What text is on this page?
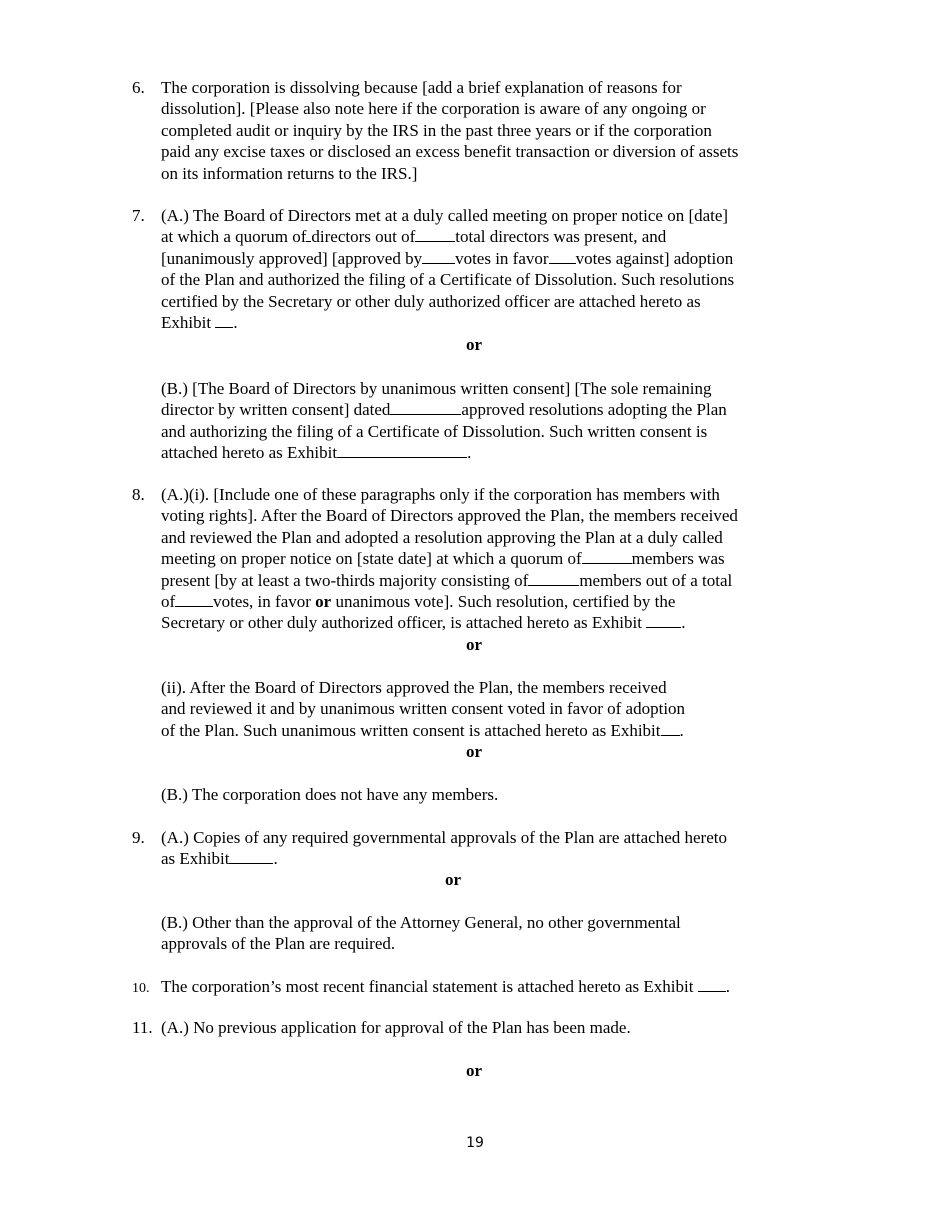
6. The corporation is dissolving because [add a brief explanation of reasons for
dissolution]. [Please also note here if the corporation is aware of any ongoing or
completed audit or inquiry by the IRS in the past three years or if the corporation
paid any excise taxes or disclosed an excess benefit transaction or diversion of assets
on its information returns to the IRS.]
7. (A.) The Board of Directors met at a duly called meeting on proper notice on [date]
at which a quorum of directors out of total directors was present, and
[unanimously approved] [approved by votes in favor votes against] adoption
of the Plan and authorized the filing of a Certificate of Dissolution. Such resolutions
certified by the Secretary or other duly authorized officer are attached hereto as
Exhibit .
or
(B.) [The Board of Directors by unanimous written consent] [The sole remaining
director by written consent] dated	approved resolutions adopting the Plan
and authorizing the filing of a Certificate of Dissolution. Such written consent is
attached hereto as Exhibit	.
8. (A.)(i). [Include one of these paragraphs only if the corporation has members with
voting rights]. After the Board of Directors approved the Plan, the members received
and reviewed the Plan and adopted a resolution approving the Plan at a duly called
meeting on proper notice on [state date] at which a quorum of	members was
present [by at least a two-thirds majority consisting of	members out of a total
of votes, in favor or unanimous vote]. Such resolution, certified by the
Secretary or other duly authorized officer, is attached hereto as Exhibit .
or
(ii). After the Board of Directors approved the Plan, the members received
and reviewed it and by unanimous written consent voted in favor of adoption
of the Plan. Such unanimous written consent is attached hereto as Exhibit .
or
(B.) The corporation does not have any members.
9. (A.) Copies of any required governmental approvals of the Plan are attached hereto
as Exhibit	.
or
(B.) Other than the approval of the Attorney General, no other governmental
approvals of the Plan are required.
10. The corporation’s most recent financial statement is attached hereto as Exhibit .
11. (A.) No previous application for approval of the Plan has been made.
or
19
